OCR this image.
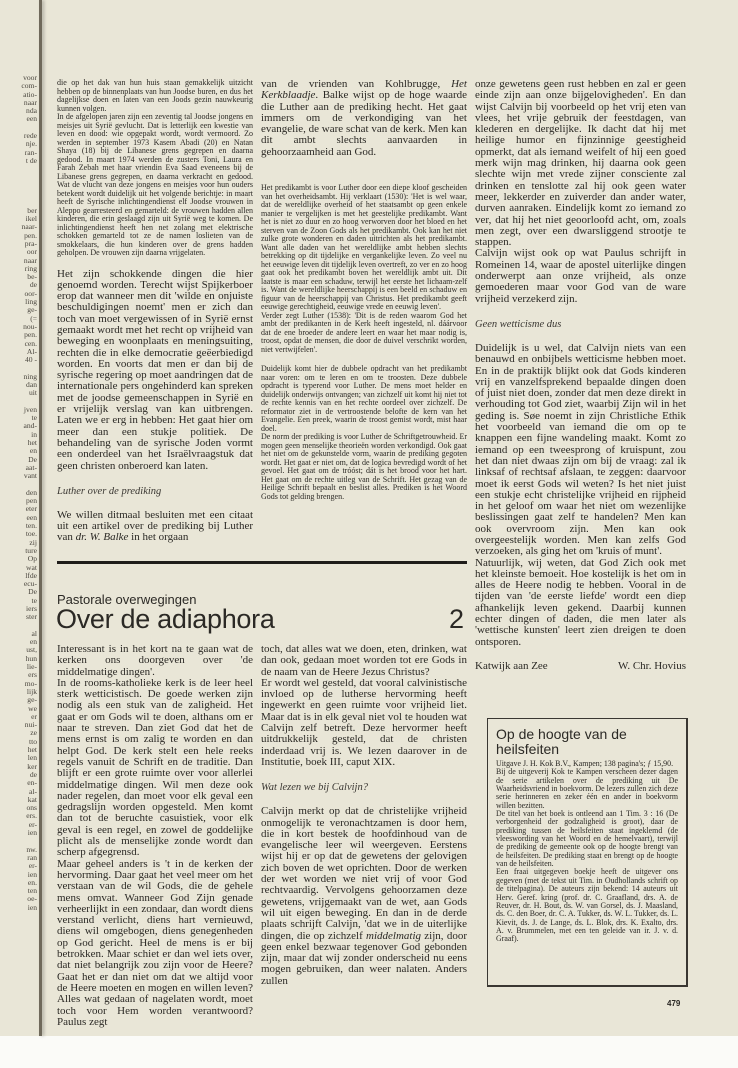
voor
com-
atio-
naar
nda
een
rede
nje.
ran-
t de
ber
ikel
naar-
pen.
pra-
oor
naar
ring
be-
de
oor-
ling
ge-
(=
nou-
pen.
cen.
Al-
40 -
ning
dan
uit
jven
te
and-
in
het
en
De
aat-
vant
den
pen
eter
een
ten.
toe.
zij
ture
Op
wat
lfde
ecu-
De
te
iers
ster
al
en
ust,
hun
lie-
ers
mo-
lijk
ge-
we
er
nui-
ze
tto
het
len
ker
de
en-
al-
kat
ons
ers.
er-
ien
nw.
ran
er-
ien
en.
ten
oe-
ien

die op het dak van hun huis staan gemakkelijk uitzicht hebben op de binnenplaats van hun Joodse buren, en dus het dagelijkse doen en laten van een Joods gezin nauwkeurig kunnen volgen.

In de afgelopen jaren zijn een zeventig tal Joodse jongens en meisjes uit Syrië gevlucht. Dat is letterlijk een kwestie van leven en dood: wie opgepakt wordt, wordt vermoord. Zo werden in september 1973 Kasem Abadi (20) en Natan Shaya (18) bij de Libanese grens gegrepen en daarna gedood. In maart 1974 werden de zusters Toni, Laura en Farah Zebah met haar vriendin Eva Saad eveneens bij de Libanese grens gegrepen, en daarna verkracht en gedood. Wat de vlucht van deze jongens en meisjes voor hun ouders betekent wordt duidelijk uit het volgende berichtje: in maart heeft de Syrische inlichtingendienst elf Joodse vrouwen in Aleppo gearresteerd en gemarteld: de vrouwen hadden allen kinderen, die erin geslaagd zijn uit Syrië weg te komen. De inlichtingendienst heeft hen net zolang met elektrische schokken gemarteld tot ze de namen loslieten van de smokkelaars, die hun kinderen over de grens hadden geholpen. De vrouwen zijn daarna vrijgelaten.

Het zijn schokkende dingen die hier genoemd worden. Terecht wijst Spijkerboer erop dat wanneer men dit 'wilde en onjuiste beschuldigingen noemt' men er zich dan toch van moet vergewissen of in Syrië ernst gemaakt wordt met het recht op vrijheid van beweging en woonplaats en meningsuiting, rechten die in elke democratie geëerbiedigd worden. En voorts dat men er dan bij de syrische regering op moet aandringen dat de internationale pers ongehinderd kan spreken met de joodse gemeenschappen in Syrië en er vrijelijk verslag van kan uitbrengen. Laten we er erg in hebben: Het gaat hier om meer dan een stukje politiek. De behandeling van de syrische Joden vormt een onderdeel van het Israëlvraagstuk dat geen christen onberoerd kan laten.

Luther over de prediking

We willen ditmaal besluiten met een citaat uit een artikel over de prediking bij Luther van dr. W. Balke in het orgaan

van de vrienden van Kohlbrugge, Het Kerkblaadje. Balke wijst op de hoge waarde die Luther aan de prediking hecht. Het gaat immers om de verkondiging van het evangelie, de ware schat van de kerk. Men kan dit ambt slechts aanvaarden in gehoorzaamheid aan God.

Het predikambt is voor Luther door een diepe kloof gescheiden van het overheidsambt. Hij verklaart (1530): 'Het is wel waar, dat de wereldlijke overheid of het staatsambt op geen enkele manier te vergelijken is met het geestelijke predikambt. Want het is niet zo duur en zo hoog verworven door het bloed en het sterven van de Zoon Gods als het predikambt. Ook kan het niet zulke grote wonderen en daden uitrichten als het predikambt. Want alle daden van het wereldlijke ambt hebben slechts betrekking op dit tijdelijke en vergankelijke leven. Zo veel nu het eeuwige leven dit tijdelijk leven overtreft, zo ver en zo hoog gaat ook het predikambt boven het wereldlijk ambt uit. Dit laatste is maar een schaduw, terwijl het eerste het lichaam-zelf is. Want de wereldlijke heerschappij is een beeld en schaduw en figuur van de heerschappij van Christus. Het predikambt geeft eeuwige gerechtigheid, eeuwige vrede en eeuwig leven'.

Verder zegt Luther (1538): 'Dit is de reden waarom God het ambt der predikanten in de Kerk heeft ingesteld, nl. dáárvoor dat de ene broeder de andere leert en waar het maar nodig is, troost, opdat de mensen, die door de duivel verschrikt worden, niet vertwijfelen'.

Duidelijk komt hier de dubbele opdracht van het predikambt naar voren: om te leren en om te troosten. Deze dubbele opdracht is typerend voor Luther. De mens moet helder en duidelijk onderwijs ontvangen; van zichzelf uit komt hij niet tot de rechte kennis van en het rechte oordeel over zichzelf. De reformator ziet in de vertroostende belofte de kern van het Evangelie. Een preek, waarin de troost gemist wordt, mist haar doel.

De norm der prediking is voor Luther de Schriftgetrouwheid. Er mogen geen menselijke theorieën worden verkondigd. Ook gaat het niet om de gekunstelde vorm, waarin de prediking gegoten wordt. Het gaat er niet om, dat de logica bevredigd wordt of het gevoel. Het gaat om de tróóst; dát is het brood voor het hart. Het gaat om de rechte uitleg van de Schrift. Het gezag van de Heilige Schrift bepaalt en beslist alles. Prediken is het Woord Gods tot gelding brengen.

Pastorale overwegingen
Over de adiaphora	2

Interessant is in het kort na te gaan wat de kerken ons doorgeven over 'de middelmatige dingen'.

In de rooms-katholieke kerk is de leer heel sterk wetticistisch. De goede werken zijn nodig als een stuk van de zaligheid. Het gaat er om Gods wil te doen, althans om er naar te streven. Dan ziet God dat het de mens ernst is om zalig te worden en dan helpt God. De kerk stelt een hele reeks regels vanuit de Schrift en de traditie. Dan blijft er een grote ruimte over voor allerlei middelmatige dingen. Wil men deze ook nader regelen, dan moet voor elk geval een gedragslijn worden opgesteld. Men komt dan tot de beruchte casuistiek, voor elk geval is een regel, en zowel de goddelijke plicht als de menselijke zonde wordt dan scherp afgegrensd.

Maar geheel anders is 't in de kerken der hervorming. Daar gaat het veel meer om het verstaan van de wil Gods, die de gehele mens omvat. Wanneer God Zijn genade verheerlijkt in een zondaar, dan wordt diens verstand verlicht, diens hart vernieuwd, diens wil omgebogen, diens genegenheden op God gericht. Heel de mens is er bij betrokken. Maar schiet er dan wel iets over, dat niet belangrijk zou zijn voor de Heere? Gaat het er dan niet om dat we altijd voor de Heere moeten en mogen en willen leven? Alles wat gedaan of nagelaten wordt, moet toch voor Hem worden verantwoord? Paulus zegt

toch, dat alles wat we doen, eten, drinken, wat dan ook, gedaan moet worden tot ere Gods in de naam van de Heere Jezus Christus?

Er wordt wel gesteld, dat vooral calvinistische invloed op de lutherse hervorming heeft ingewerkt en geen ruimte voor vrijheid liet. Maar dat is in elk geval niet vol te houden wat Calvijn zelf betreft. Deze hervormer heeft uitdrukkelijk gesteld, dat de christen inderdaad vrij is. We lezen daarover in de Institutie, boek III, caput XIX.

Wat lezen we bij Calvijn?

Calvijn merkt op dat de christelijke vrijheid onmogelijk te veronachtzamen is door hem, die in kort bestek de hoofdinhoud van de evangelische leer wil weergeven. Eerstens wijst hij er op dat de gewetens der gelovigen zich boven de wet oprichten. Door de werken der wet worden we niet vrij of voor God rechtvaardig. Vervolgens gehoorzamen deze gewetens, vrijgemaakt van de wet, aan Gods wil uit eigen beweging. En dan in de derde plaats schrijft Calvijn, 'dat we in de uiterlijke dingen, die op zichzelf middelmatig zijn, door geen enkel bezwaar tegenover God gebonden zijn, maar dat wij zonder onderscheid nu eens mogen gebruiken, dan weer nalaten. Anders zullen

onze gewetens geen rust hebben en zal er geen einde zijn aan onze bijgelovigheden'. En dan wijst Calvijn bij voorbeeld op het vrij eten van vlees, het vrije gebruik der feestdagen, van klederen en dergelijke. Ik dacht dat hij met heilige humor en fijnzinnige geestigheid opmerkt, dat als iemand weifelt of hij een goed merk wijn mag drinken, hij daarna ook geen slechte wijn met vrede zijner consciente zal drinken en tenslotte zal hij ook geen water meer, lekkerder en zuiverder dan ander water, durven aanraken. Eindelijk komt zo iemand zo ver, dat hij het niet geoorloofd acht, om, zoals men zegt, over een dwarsliggend strootje te stappen.

Calvijn wijst ook op wat Paulus schrijft in Romeinen 14, waar de apostel uiterlijke dingen onderwerpt aan onze vrijheid, als onze gemoederen maar voor God van de ware vrijheid verzekerd zijn.

Geen wetticisme dus

Duidelijk is u wel, dat Calvijn niets van een benauwd en onbijbels wetticisme hebben moet. En in de praktijk blijkt ook dat Gods kinderen vrij en vanzelfsprekend bepaalde dingen doen of juist niet doen, zonder dat men deze direkt in verhouding tot God ziet, waarbij Zijn wil in het geding is. Søe noemt in zijn Christliche Ethik het voorbeeld van iemand die om op te knappen een fijne wandeling maakt. Komt zo iemand op een tweesprong of kruispunt, zou het dan niet dwaas zijn om bij de vraag: zal ik linksaf of rechtsaf afslaan, te zeggen: daarvoor moet ik eerst Gods wil weten? Is het niet juist een stukje echt christelijke vrijheid en rijpheid in het geloof om waar het niet om wezenlijke beslissingen gaat zelf te handelen? Men kan ook overvroom zijn. Men kan ook overgeestelijk worden. Men kan zelfs God verzoeken, als ging het om 'kruis of munt'.

Natuurlijk, wij weten, dat God Zich ook met het kleinste bemoeit. Hoe kostelijk is het om in alles de Heere nodig te hebben. Vooral in de tijden van 'de eerste liefde' wordt een diep afhankelijk leven gekend. Daarbij kunnen echter dingen of daden, die men later als 'wettische kunsten' leert zien dreigen te doen ontsporen.

Katwijk aan Zee	W. Chr. Hovius
Op de hoogte van de heilsfeiten

Uitgave J. H. Kok B.V., Kampen; 138 pagina's; ƒ 15,90.

Bij de uitgeverij Kok te Kampen verscheen dezer dagen de serie artikelen over de prediking uit De Waarheidsvriend in boekvorm. De lezers zullen zich deze serie herinneren en zeker één en ander in boekvorm willen bezitten.

De titel van het boek is ontleend aan 1 Tim. 3 : 16 (De verborgenheid der godzaligheid is groot), daar de prediking tussen de heilsfeiten staat ingeklemd (de vleeswording van het Woord en de hemelvaart), terwijl de prediking de gemeente ook op de hoogte brengt van de heilsfeiten. De prediking staat en brengt op de hoogte van de heilsfeiten.

Een fraai uitgegeven boekje heeft de uitgever ons gegeven (met de tekst uit Tim. in Oudhollands schrift op de titelpagina). De auteurs zijn bekend: 14 auteurs uit Herv. Geref. kring (prof. dr. C. Graafland, drs. A. de Reuver, dr. H. Bout, ds. W. van Gorsel, ds. J. Maasland, ds. C. den Boer, dr. C. A. Tukker, ds. W. L. Tukker, ds. L. Kievit, ds. J. de Lange, ds. L. Blok, drs. K. Exalto, drs. A. v. Brummelen, met een ten geleide van ir. J. v. d. Graaf).

479
